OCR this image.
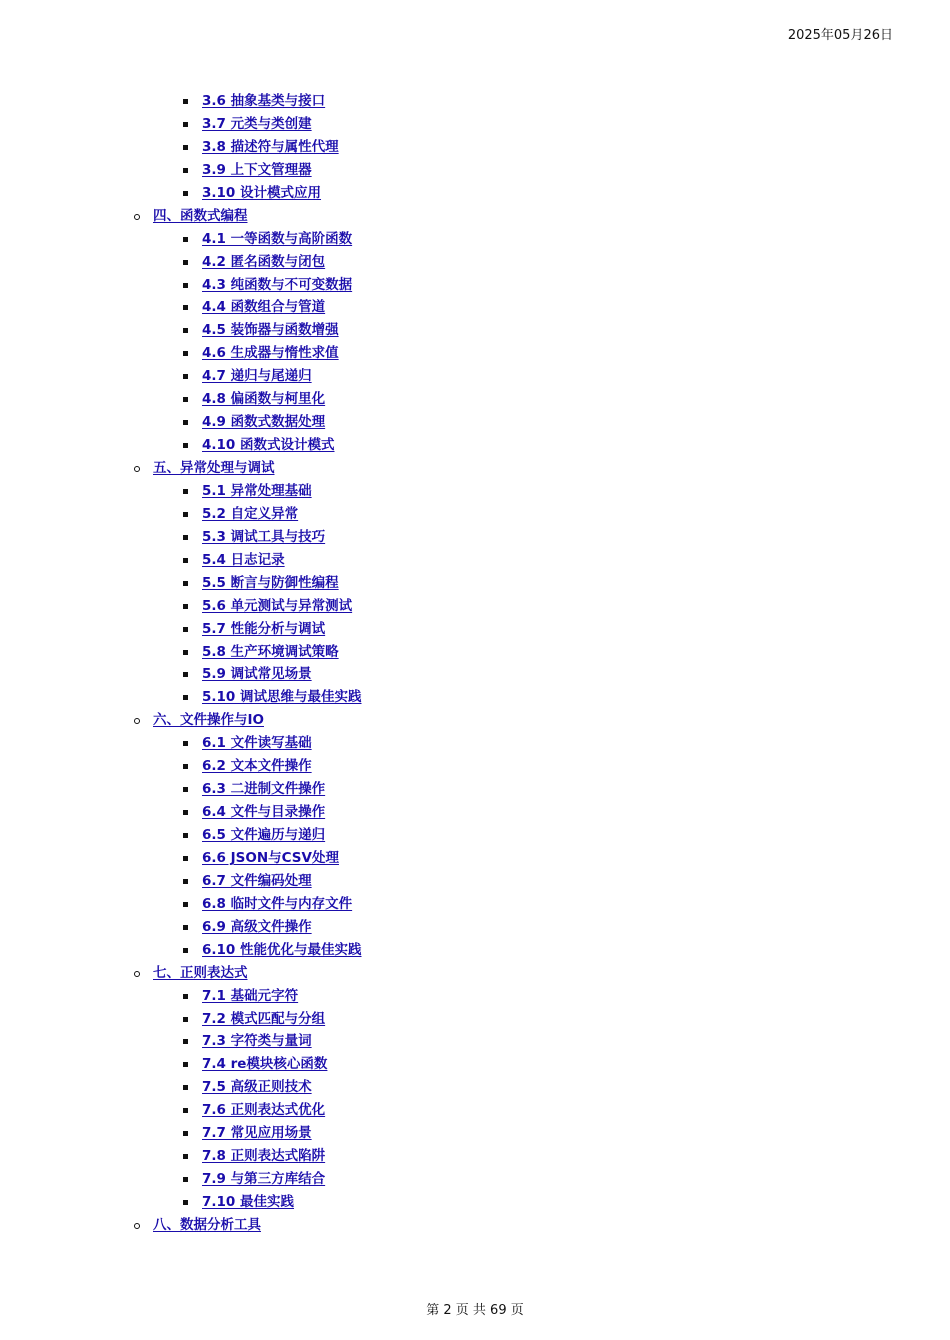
2025年05月26日
3.6 抽象基类与接口
3.7 元类与类创建
3.8 描述符与属性代理
3.9 上下文管理器
3.10 设计模式应用
四、函数式编程
4.1 一等函数与高阶函数
4.2 匿名函数与闭包
4.3 纯函数与不可变数据
4.4 函数组合与管道
4.5 装饰器与函数增强
4.6 生成器与惰性求值
4.7 递归与尾递归
4.8 偏函数与柯里化
4.9 函数式数据处理
4.10 函数式设计模式
五、异常处理与调试
5.1 异常处理基础
5.2 自定义异常
5.3 调试工具与技巧
5.4 日志记录
5.5 断言与防御性编程
5.6 单元测试与异常测试
5.7 性能分析与调试
5.8 生产环境调试策略
5.9 调试常见场景
5.10 调试思维与最佳实践
六、文件操作与IO
6.1 文件读写基础
6.2 文本文件操作
6.3 二进制文件操作
6.4 文件与目录操作
6.5 文件遍历与递归
6.6 JSON与CSV处理
6.7 文件编码处理
6.8 临时文件与内存文件
6.9 高级文件操作
6.10 性能优化与最佳实践
七、正则表达式
7.1 基础元字符
7.2 模式匹配与分组
7.3 字符类与量词
7.4 re模块核心函数
7.5 高级正则技术
7.6 正则表达式优化
7.7 常见应用场景
7.8 正则表达式陷阱
7.9 与第三方库结合
7.10 最佳实践
八、数据分析工具
第 2 页 共 69 页
